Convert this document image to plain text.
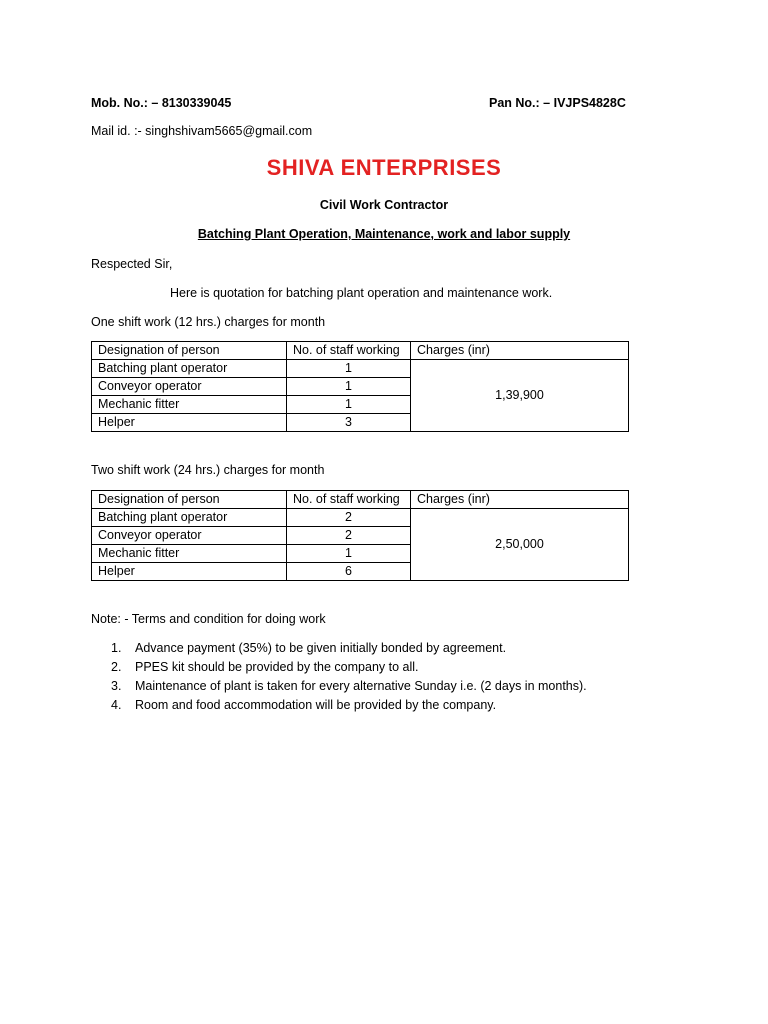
Mob. No.: – 8130339045	Pan No.: – IVJPS4828C
Mail id. :- singhshivam5665@gmail.com
SHIVA ENTERPRISES
Civil Work Contractor
Batching Plant Operation, Maintenance, work and labor supply
Respected Sir,
Here is quotation for batching plant operation and maintenance work.
One shift work (12 hrs.) charges for month
Designation of person	No. of staff working	Charges (inr)
Batching plant operator	1	1,39,900
Conveyor operator	1	
Mechanic fitter	1	
Helper	3	
Two shift work (24 hrs.) charges for month
Designation of person	No. of staff working	Charges (inr)
Batching plant operator	2	2,50,000
Conveyor operator	2	
Mechanic fitter	1	
Helper	6	
Note: - Terms and condition for doing work
1. Advance payment (35%) to be given initially bonded by agreement.
2. PPES kit should be provided by the company to all.
3. Maintenance of plant is taken for every alternative Sunday i.e. (2 days in months).
4. Room and food accommodation will be provided by the company.
